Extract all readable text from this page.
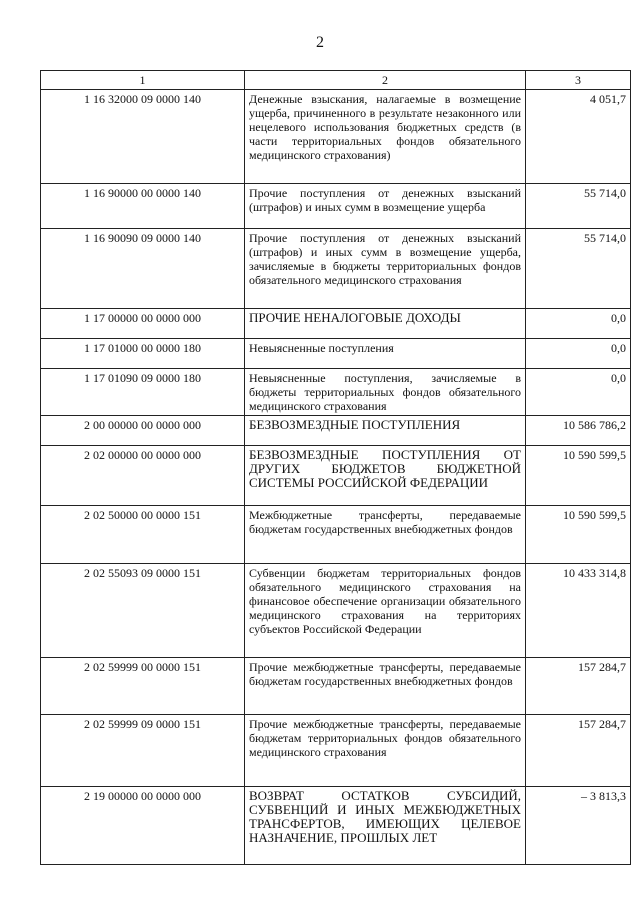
2
1	2	3
1 16 32000 09 0000 140	Денежные взыскания, налагаемые в возмещение ущерба, причиненного в результате незаконного или нецелевого использования бюджетных средств (в части территориальных фондов обязательного медицинского страхования)	4 051,7
1 16 90000 00 0000 140	Прочие поступления от денежных взысканий (штрафов) и иных сумм в возмещение ущерба	55 714,0
1 16 90090 09 0000 140	Прочие поступления от денежных взысканий (штрафов) и иных сумм в возмещение ущерба, зачисляемые в бюджеты территориальных фондов обязательного медицинского страхования	55 714,0
1 17 00000 00 0000 000	ПРОЧИЕ НЕНАЛОГОВЫЕ ДОХОДЫ	0,0
1 17 01000 00 0000 180	Невыясненные поступления	0,0
1 17 01090 09 0000 180	Невыясненные поступления, зачисляемые в бюджеты территориальных фондов обязательного медицинского страхования	0,0
2 00 00000 00 0000 000	БЕЗВОЗМЕЗДНЫЕ ПОСТУПЛЕНИЯ	10 586 786,2
2 02 00000 00 0000 000	БЕЗВОЗМЕЗДНЫЕ ПОСТУПЛЕНИЯ ОТ ДРУГИХ БЮДЖЕТОВ БЮДЖЕТНОЙ СИСТЕМЫ РОССИЙСКОЙ ФЕДЕРАЦИИ	10 590 599,5
2 02 50000 00 0000 151	Межбюджетные трансферты, передаваемые бюджетам государственных внебюджетных фондов	10 590 599,5
2 02 55093 09 0000 151	Субвенции бюджетам территориальных фондов обязательного медицинского страхования на финансовое обеспечение организации обязательного медицинского страхования на территориях субъектов Российской Федерации	10 433 314,8
2 02 59999 00 0000 151	Прочие межбюджетные трансферты, передаваемые бюджетам государственных внебюджетных фондов	157 284,7
2 02 59999 09 0000 151	Прочие межбюджетные трансферты, передаваемые бюджетам территориальных фондов обязательного медицинского страхования	157 284,7
2 19 00000 00 0000 000	ВОЗВРАТ ОСТАТКОВ СУБСИДИЙ, СУБВЕНЦИЙ И ИНЫХ МЕЖБЮДЖЕТНЫХ ТРАНСФЕРТОВ, ИМЕЮЩИХ ЦЕЛЕВОЕ НАЗНАЧЕНИЕ, ПРОШЛЫХ ЛЕТ	– 3 813,3
